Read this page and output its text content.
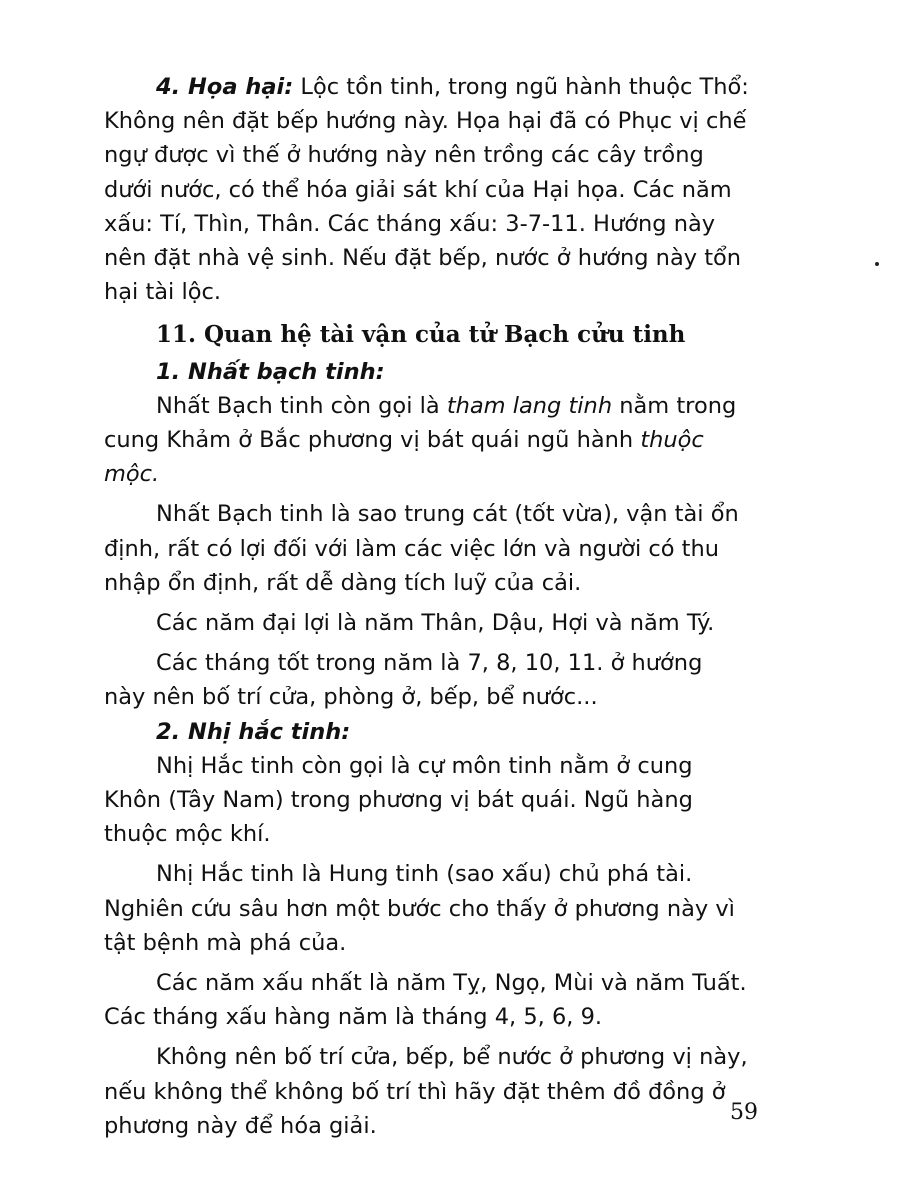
4. Họa hại: Lộc tồn tinh, trong ngũ hành thuộc Thổ: Không nên đặt bếp hướng này. Họa hại đã có Phục vị chế ngự được vì thế ở hướng này nên trồng các cây trồng dưới nước, có thể hóa giải sát khí của Hại họa. Các năm xấu: Tí, Thìn, Thân. Các tháng xấu: 3-7-11. Hướng này nên đặt nhà vệ sinh. Nếu đặt bếp, nước ở hướng này tổn hại tài lộc.

11. Quan hệ tài vận của tử Bạch cửu tinh

1. Nhất bạch tinh:

Nhất Bạch tinh còn gọi là tham lang tinh nằm trong cung Khảm ở Bắc phương vị bát quái ngũ hành thuộc mộc.

Nhất Bạch tinh là sao trung cát (tốt vừa), vận tài ổn định, rất có lợi đối với làm các việc lớn và người có thu nhập ổn định, rất dễ dàng tích luỹ của cải.

Các năm đại lợi là năm Thân, Dậu, Hợi và năm Tý.

Các tháng tốt trong năm là 7, 8, 10, 11. ở hướng này nên bố trí cửa, phòng ở, bếp, bể nước...

2. Nhị hắc tinh:

Nhị Hắc tinh còn gọi là cự môn tinh nằm ở cung Khôn (Tây Nam) trong phương vị bát quái. Ngũ hàng thuộc mộc khí.

Nhị Hắc tinh là Hung tinh (sao xấu) chủ phá tài. Nghiên cứu sâu hơn một bước cho thấy ở phương này vì tật bệnh mà phá của.

Các năm xấu nhất là năm Tỵ, Ngọ, Mùi và năm Tuất. Các tháng xấu hàng năm là tháng 4, 5, 6, 9.

Không nên bố trí cửa, bếp, bể nước ở phương vị này, nếu không thể không bố trí thì hãy đặt thêm đồ đồng ở phương này để hóa giải.

59
